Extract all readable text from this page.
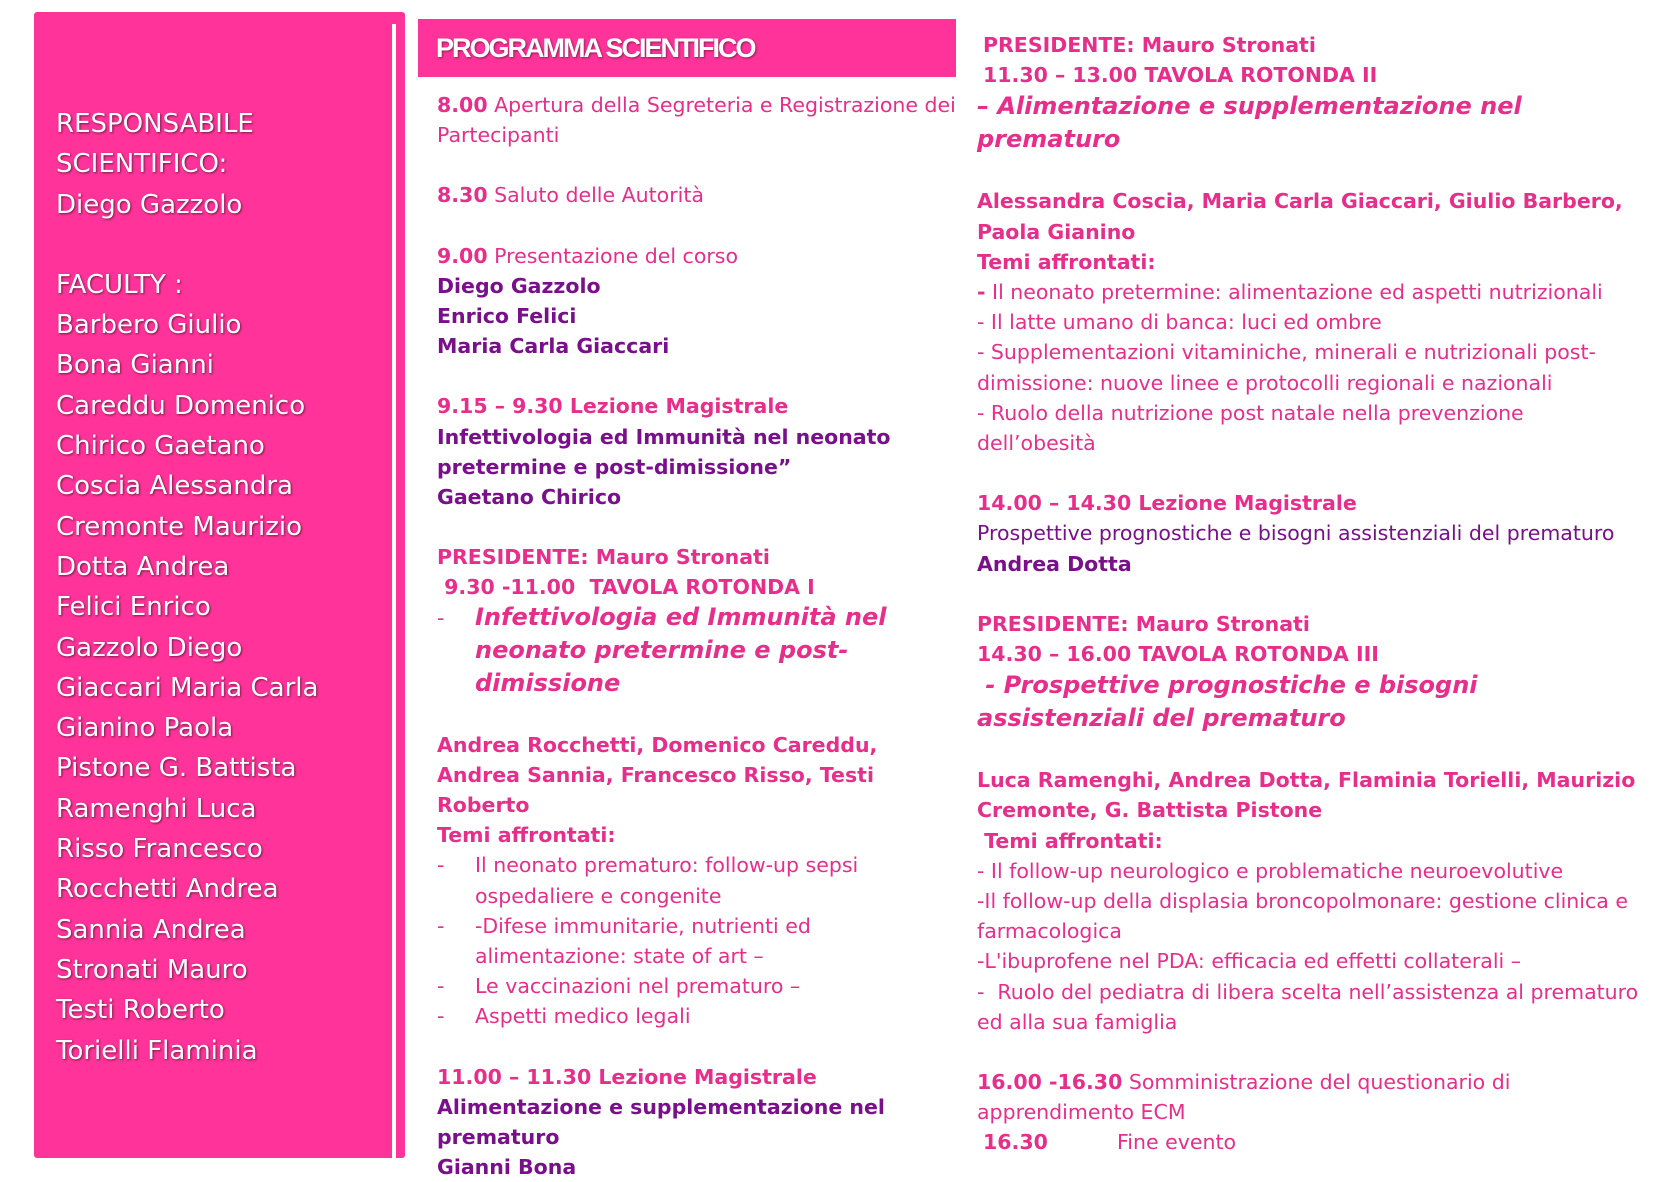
RESPONSABILE
SCIENTIFICO:
Diego Gazzolo
FACULTY :
Barbero Giulio
Bona Gianni
Careddu Domenico
Chirico Gaetano
Coscia Alessandra
Cremonte Maurizio
Dotta Andrea
Felici Enrico
Gazzolo Diego
Giaccari Maria Carla
Gianino Paola
Pistone G. Battista
Ramenghi Luca
Risso Francesco
Rocchetti Andrea
Sannia Andrea
Stronati Mauro
Testi Roberto
Torielli Flaminia
PROGRAMMA SCIENTIFICO
8.00 Apertura della Segreteria e Registrazione dei Partecipanti
8.30 Saluto delle Autorità
9.00 Presentazione del corso
Diego Gazzolo
Enrico Felici
Maria Carla Giaccari
9.15 – 9.30 Lezione Magistrale
Infettivologia ed Immunità nel neonato
pretermine e post-dimissione”
Gaetano Chirico
PRESIDENTE: Mauro Stronati
9.30 -11.00  TAVOLA ROTONDA I
-	Infettivologia ed Immunità nel neonato pretermine e post-dimissione
Andrea Rocchetti, Domenico Careddu, Andrea Sannia, Francesco Risso, Testi Roberto
Temi affrontati:
-	Il neonato prematuro: follow-up sepsi ospedaliere e congenite
-	-Difese immunitarie, nutrienti ed alimentazione: state of art –
-	Le vaccinazioni nel prematuro –
-	Aspetti medico legali
11.00 – 11.30 Lezione Magistrale
Alimentazione e supplementazione nel prematuro
Gianni Bona
PRESIDENTE: Mauro Stronati
11.30 – 13.00 TAVOLA ROTONDA II
– Alimentazione e supplementazione nel prematuro
Alessandra Coscia, Maria Carla Giaccari, Giulio Barbero, Paola Gianino
Temi affrontati:
- Il neonato pretermine: alimentazione ed aspetti nutrizionali
- Il latte umano di banca: luci ed ombre
- Supplementazioni vitaminiche, minerali e nutrizionali post-dimissione: nuove linee e protocolli regionali e nazionali
- Ruolo della nutrizione post natale nella prevenzione dell’obesità
14.00 – 14.30 Lezione Magistrale
Prospettive prognostiche e bisogni assistenziali del prematuro
Andrea Dotta
PRESIDENTE: Mauro Stronati
14.30 – 16.00 TAVOLA ROTONDA III
- Prospettive prognostiche e bisogni assistenziali del prematuro
Luca Ramenghi, Andrea Dotta, Flaminia Torielli, Maurizio Cremonte, G. Battista Pistone
Temi affrontati:
- Il follow-up neurologico e problematiche neuroevolutive
-Il follow-up della displasia broncopolmonare: gestione clinica e farmacologica
-L'ibuprofene nel PDA: efficacia ed effetti collaterali –
-  Ruolo del pediatra di libera scelta nell’assistenza al prematuro ed alla sua famiglia
16.00 -16.30 Somministrazione del questionario di apprendimento ECM
16.30	Fine evento
